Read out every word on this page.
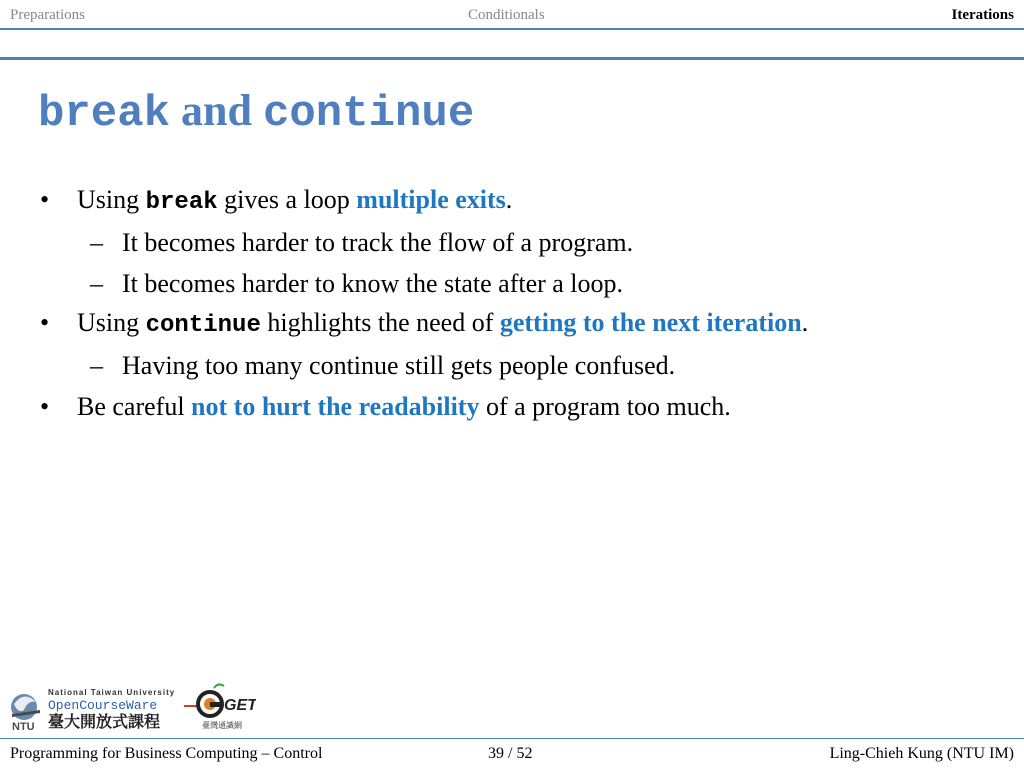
Preparations	Conditionals	Iterations
break and continue
• Using break gives a loop multiple exits.
– It becomes harder to track the flow of a program.
– It becomes harder to know the state after a loop.
• Using continue highlights the need of getting to the next iteration.
– Having too many continue still gets people confused.
• Be careful not to hurt the readability of a program too much.
NTU
National Taiwan University
OpenCourseWare
臺大開放式課程
GET
臺灣通識網
Programming for Business Computing – Control	39 / 52	Ling-Chieh Kung (NTU IM)
